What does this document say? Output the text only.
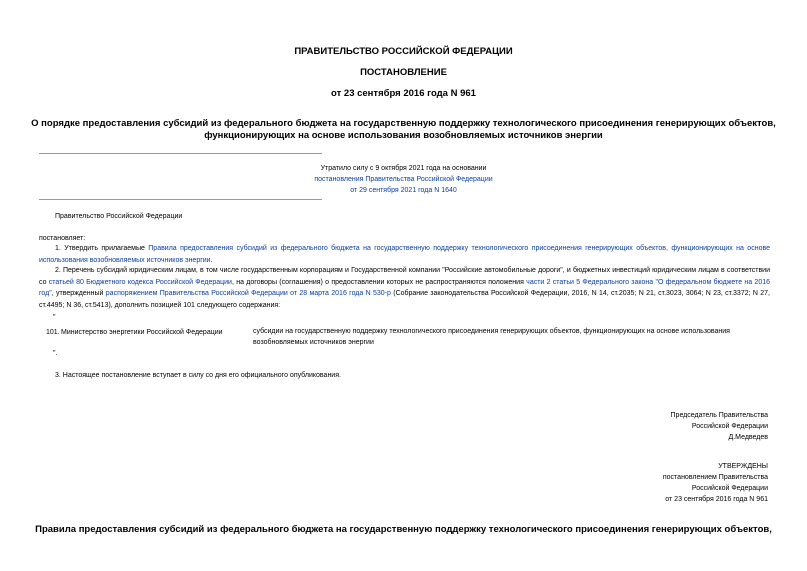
ПРАВИТЕЛЬСТВО РОССИЙСКОЙ ФЕДЕРАЦИИ
ПОСТАНОВЛЕНИЕ
от 23 сентября 2016 года N 961
О порядке предоставления субсидий из федерального бюджета на государственную поддержку технологического присоединения генерирующих объектов,
функционирующих на основе использования возобновляемых источников энергии
Утратило силу с 9 октября 2021 года на основании
постановления Правительства Российской Федерации
от 29 сентября 2021 года N 1640
Правительство Российской Федерации
постановляет:
1. Утвердить прилагаемые Правила предоставления субсидий из федерального бюджета на государственную поддержку технологического присоединения генерирующих объектов, функционирующих на основе использования возобновляемых источников энергии.
2. Перечень субсидий юридическим лицам, в том числе государственным корпорациям и Государственной компании "Российские автомобильные дороги", и бюджетных инвестиций юридическим лицам в соответствии со статьей 80 Бюджетного кодекса Российской Федерации, на договоры (соглашения) о предоставлении которых не распространяются положения части 2 статьи 5 Федерального закона "О федеральном бюджете на 2016 год", утвержденный распоряжением Правительства Российской Федерации от 28 марта 2016 года N 530-р (Собрание законодательства Российской Федерации, 2016, N 14, ст.2035; N 21, ст.3023, 3064; N 23, ст.3372; N 27, ст.4495; N 36, ст.5413), дополнить позицией 101 следующего содержания:
"
101. Министерство энергетики Российской Федерации	субсидии на государственную поддержку технологического присоединения генерирующих объектов, функционирующих на основе использования возобновляемых источников энергии
".
3. Настоящее постановление вступает в силу со дня его официального опубликования.
Председатель Правительства
Российской Федерации
Д.Медведев
УТВЕРЖДЕНЫ
постановлением Правительства
Российской Федерации
от 23 сентября 2016 года N 961
Правила предоставления субсидий из федерального бюджета на государственную поддержку технологического присоединения генерирующих объектов,
